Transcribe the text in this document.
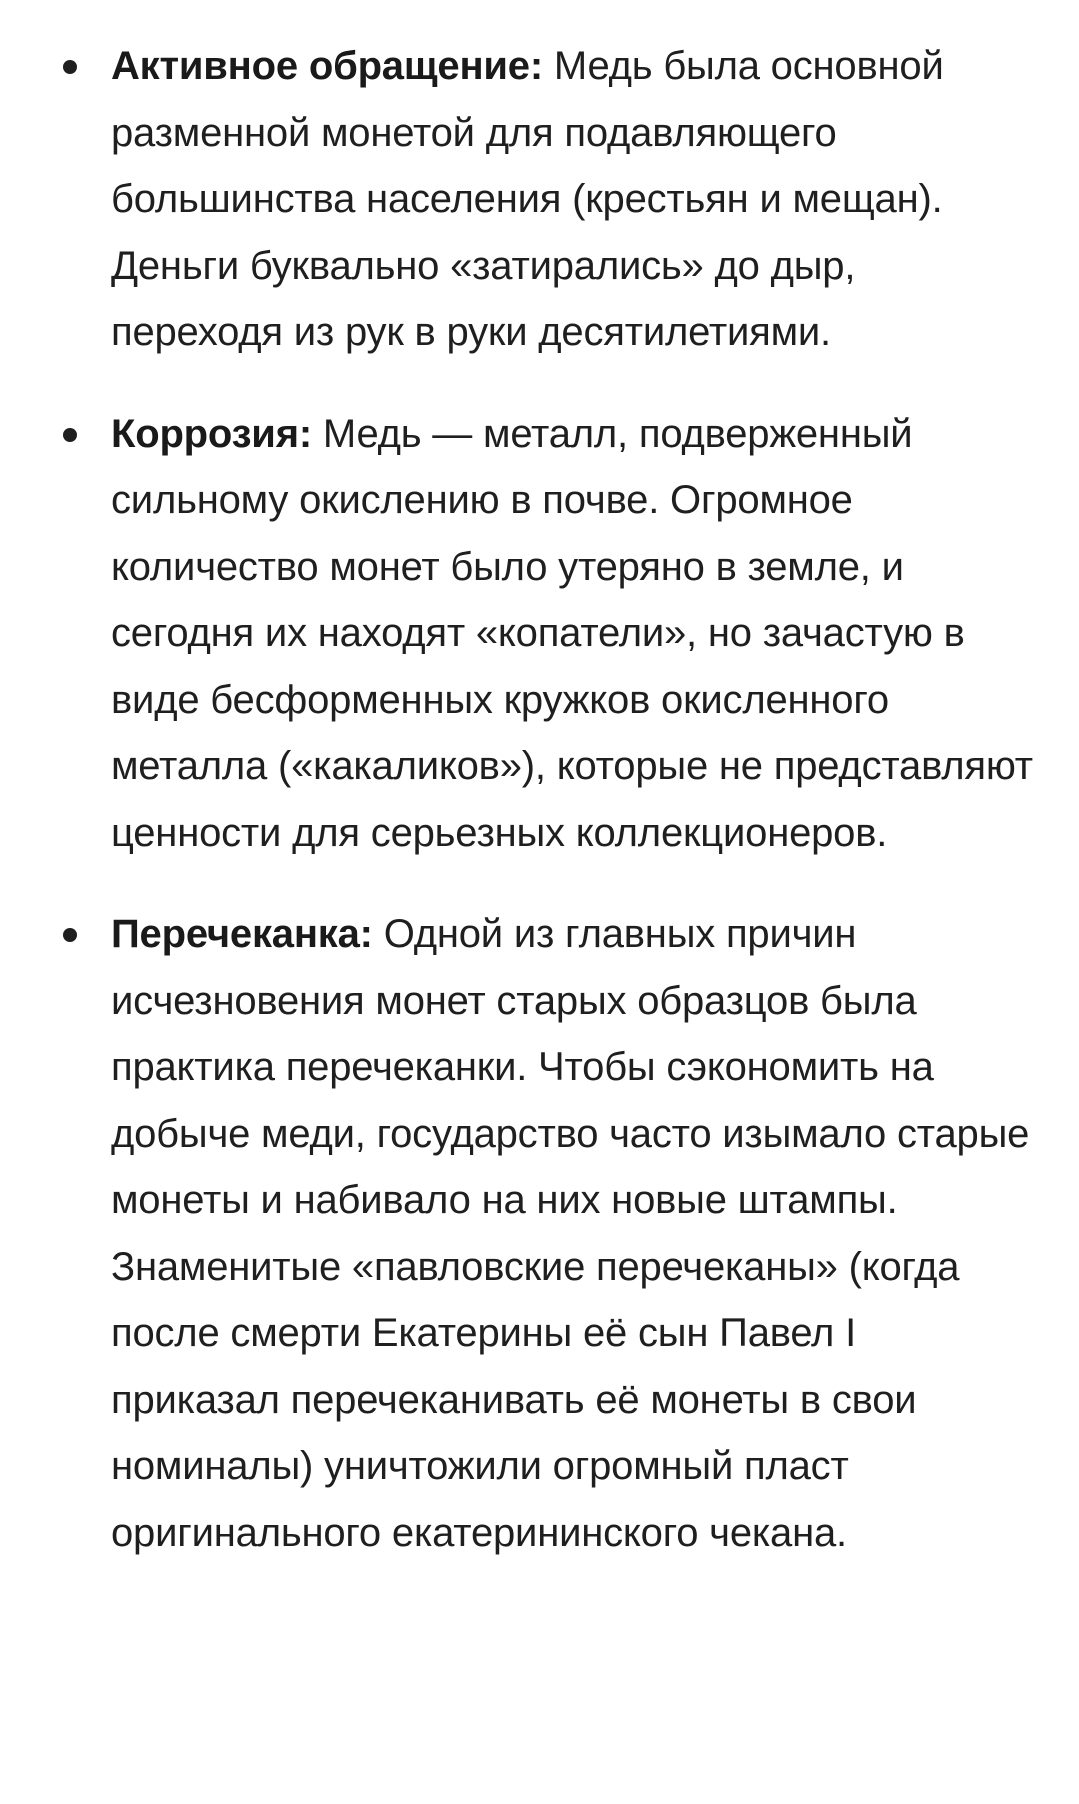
Активное обращение: Медь была основной разменной монетой для подавляющего большинства населения (крестьян и мещан). Деньги буквально «затирались» до дыр, переходя из рук в руки десятилетиями.
Коррозия: Медь — металл, подверженный сильному окислению в почве. Огромное количество монет было утеряно в земле, и сегодня их находят «копатели», но зачастую в виде бесформенных кружков окисленного металла («какаликов»), которые не представляют ценности для серьезных коллекционеров.
Перечеканка: Одной из главных причин исчезновения монет старых образцов была практика перечеканки. Чтобы сэкономить на добыче меди, государство часто изымало старые монеты и набивало на них новые штампы. Знаменитые «павловские перечеканы» (когда после смерти Екатерины её сын Павел I приказал перечеканивать её монеты в свои номиналы) уничтожили огромный пласт оригинального екатерининского чекана.
